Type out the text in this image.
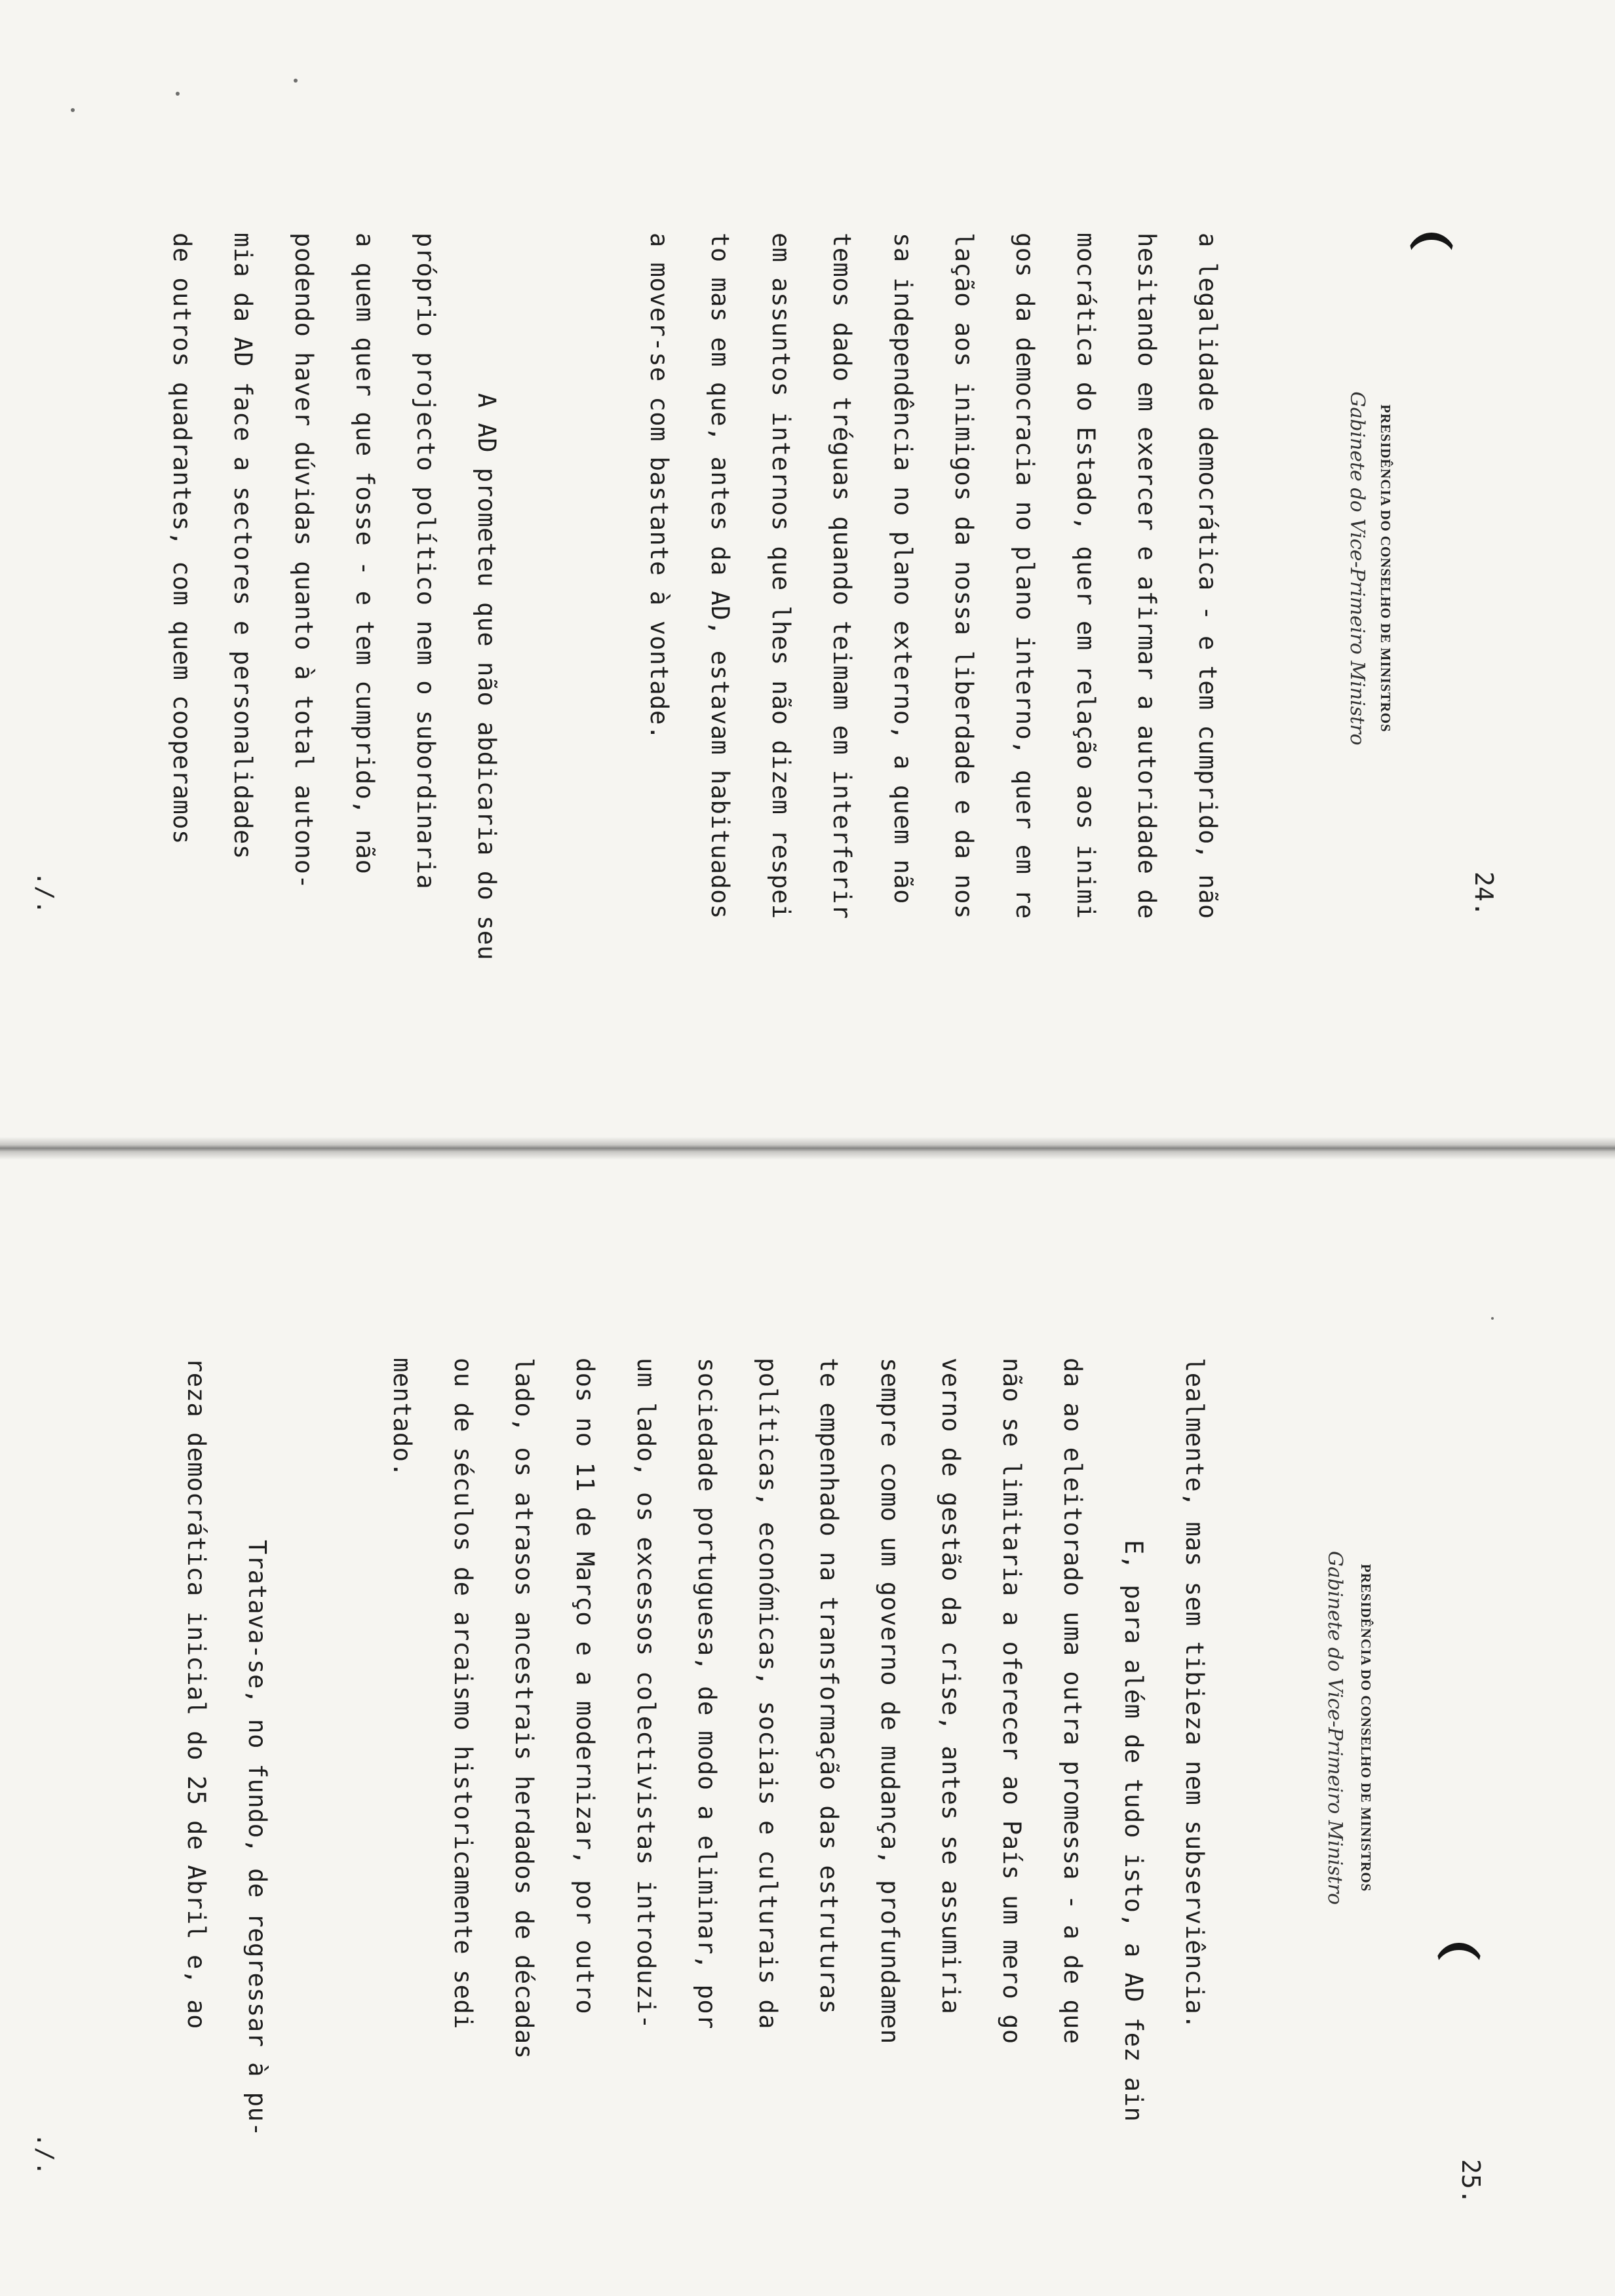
24.
PRESIDÊNCIA DO CONSELHO DE MINISTROS
Gabinete do Vice-Primeiro Ministro
a legalidade democrática - e tem cumprido, não
hesitando em exercer e afirmar a autoridade de
mocrática do Estado, quer em relação aos inimi
gos da democracia no plano interno, quer em re
lação aos inimigos da nossa liberdade e da nos
sa independência no plano externo, a quem não
temos dado tréguas quando teimam em interferir
em assuntos internos que lhes não dizem respei
to mas em que, antes da AD, estavam habituados
a mover-se com bastante à vontade.
A AD prometeu que não abdicaria do seu
próprio projecto político nem o subordinaria
a quem quer que fosse - e tem cumprido, não
podendo haver dúvidas quanto à total autono-
mia da AD face a sectores e personalidades
de outros quadrantes, com quem cooperamos
./.
25.
PRESIDÊNCIA DO CONSELHO DE MINISTROS
Gabinete do Vice-Primeiro Ministro
lealmente, mas sem tibieza nem subserviência.
E, para além de tudo isto, a AD fez ain
da ao eleitorado uma outra promessa - a de que
não se limitaria a oferecer ao País um mero go
verno de gestão da crise, antes se assumiria
sempre como um governo de mudança, profundamen
te empenhado na transformação das estruturas
políticas, económicas, sociais e culturais da
sociedade portuguesa, de modo a eliminar, por
um lado, os excessos colectivistas introduzi-
dos no 11 de Março e a modernizar, por outro
lado, os atrasos ancestrais herdados de décadas
ou de séculos de arcaismo historicamente sedi
mentado.
Tratava-se, no fundo, de regressar à pu-
reza democrática inicial do 25 de Abril e, ao
./.
